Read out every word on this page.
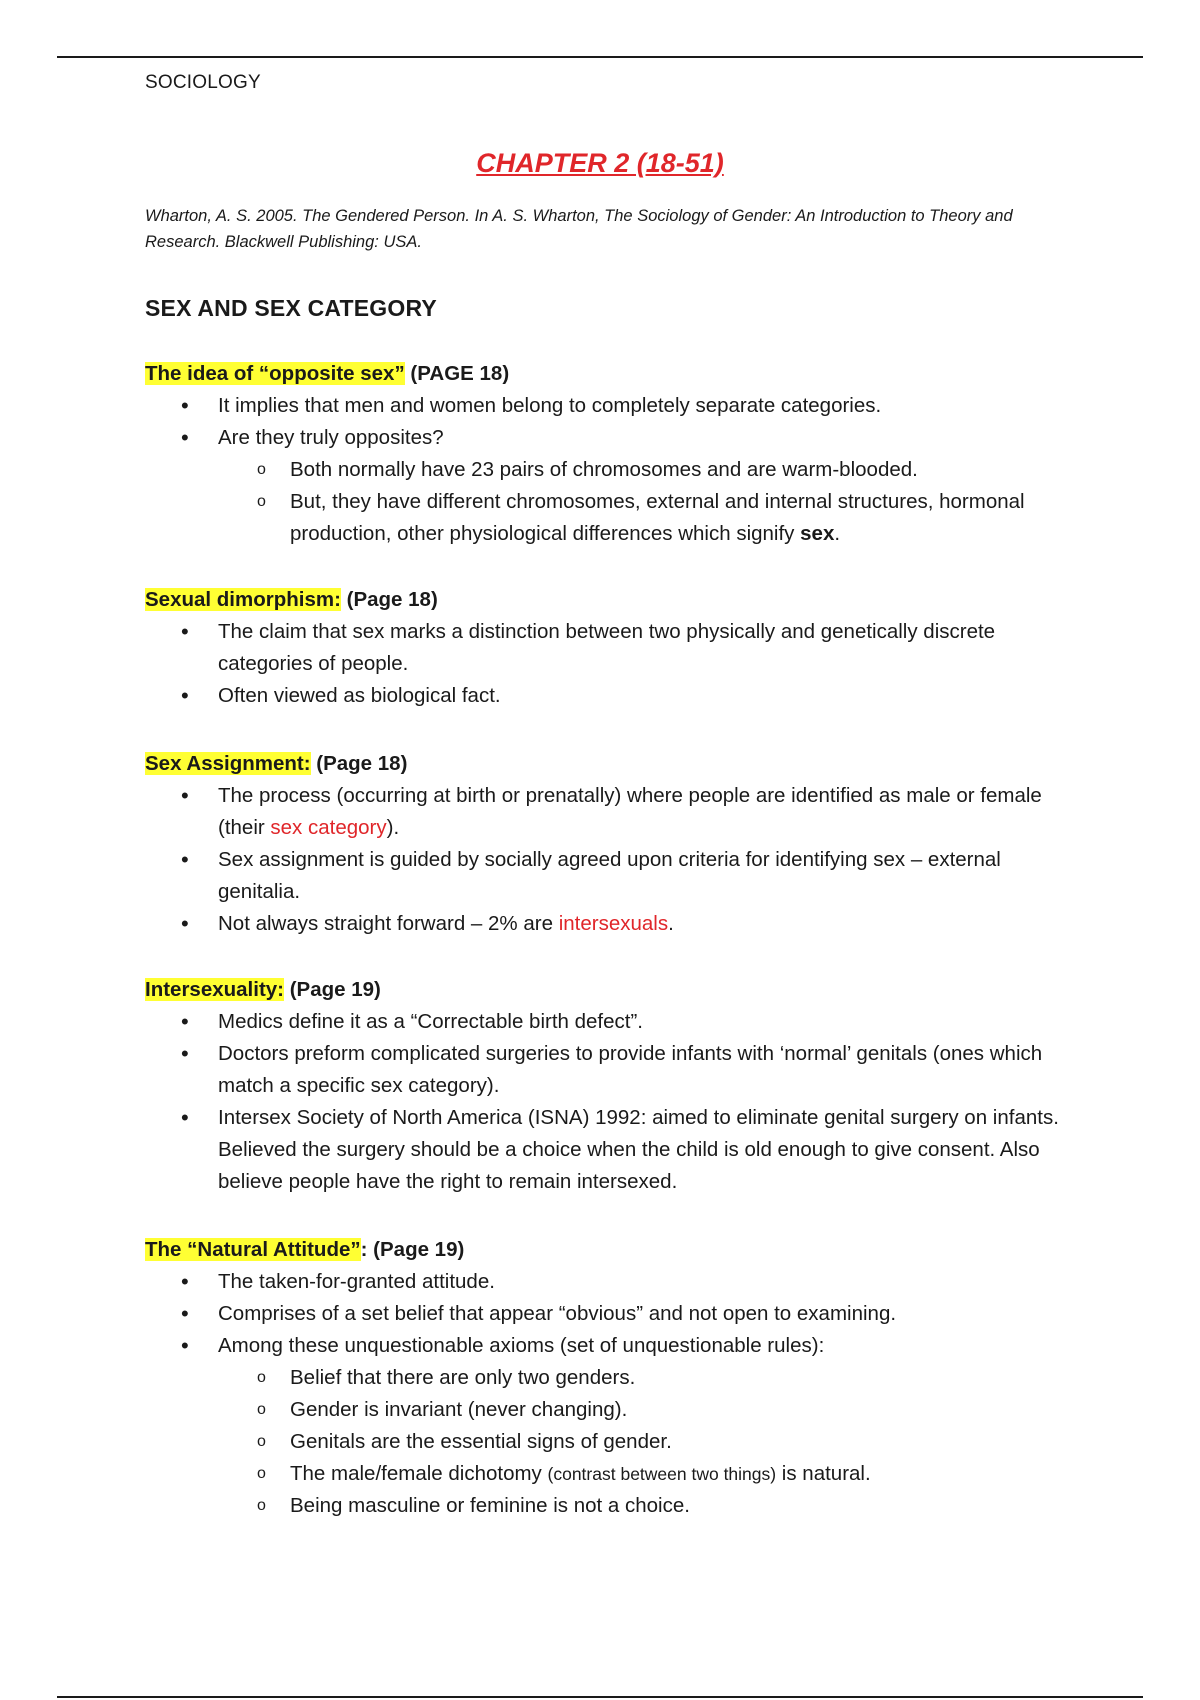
SOCIOLOGY
CHAPTER 2 (18-51)
Wharton, A. S. 2005. The Gendered Person. In A. S. Wharton, The Sociology of Gender: An Introduction to Theory and Research. Blackwell Publishing: USA.
SEX AND SEX CATEGORY
The idea of “opposite sex” (PAGE 18)
• It implies that men and women belong to completely separate categories.
• Are they truly opposites?
o Both normally have 23 pairs of chromosomes and are warm-blooded.
o But, they have different chromosomes, external and internal structures, hormonal production, other physiological differences which signify sex.
Sexual dimorphism: (Page 18)
• The claim that sex marks a distinction between two physically and genetically discrete categories of people.
• Often viewed as biological fact.
Sex Assignment: (Page 18)
• The process (occurring at birth or prenatally) where people are identified as male or female (their sex category).
• Sex assignment is guided by socially agreed upon criteria for identifying sex – external genitalia.
• Not always straight forward – 2% are intersexuals.
Intersexuality: (Page 19)
• Medics define it as a “Correctable birth defect”.
• Doctors preform complicated surgeries to provide infants with ‘normal’ genitals (ones which match a specific sex category).
• Intersex Society of North America (ISNA) 1992: aimed to eliminate genital surgery on infants. Believed the surgery should be a choice when the child is old enough to give consent. Also believe people have the right to remain intersexed.
The “Natural Attitude”: (Page 19)
• The taken-for-granted attitude.
• Comprises of a set belief that appear “obvious” and not open to examining.
• Among these unquestionable axioms (set of unquestionable rules):
o Belief that there are only two genders.
o Gender is invariant (never changing).
o Genitals are the essential signs of gender.
o The male/female dichotomy (contrast between two things) is natural.
o Being masculine or feminine is not a choice.
